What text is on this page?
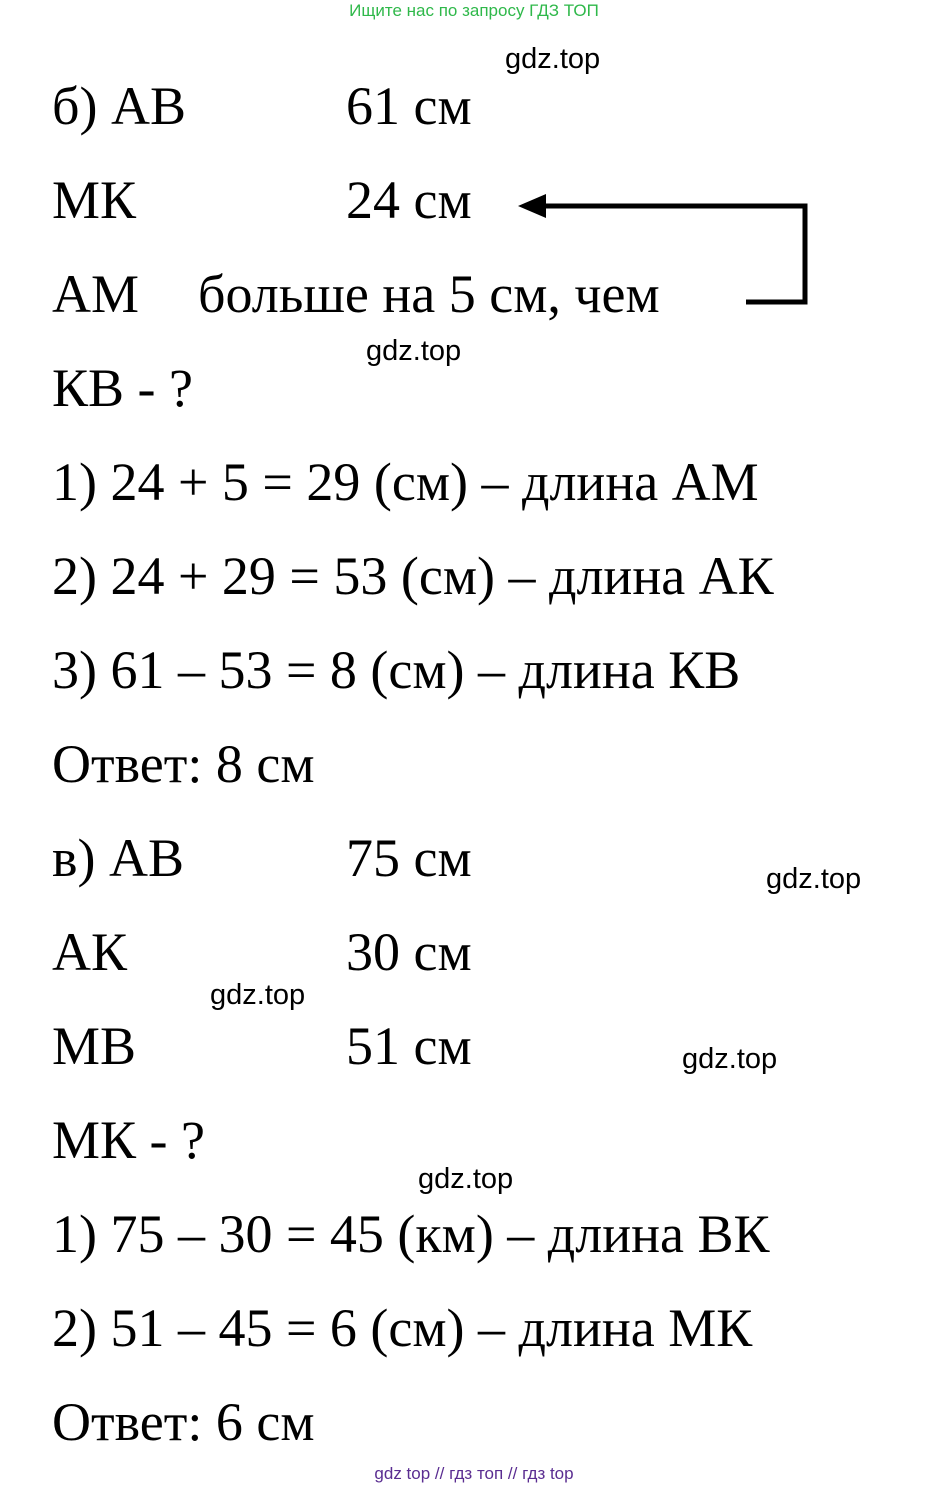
Ищите нас по запросу ГДЗ ТОП
б) АВ	61 см
МК	24 см
АМ больше на 5 см, чем
КВ - ?
1) 24 + 5 = 29 (см) – длина АМ
2) 24 + 29 = 53 (см) – длина АК
3) 61 – 53 = 8 (см) – длина КВ
Ответ: 8 см
в) АВ	75 см
АК	30 см
МВ	51 см
МК - ?
1) 75 – 30 = 45 (км) – длина ВК
2) 51 – 45 = 6 (см) – длина МК
Ответ: 6 см
gdz.top
gdz.top
gdz.top
gdz.top
gdz.top
gdz.top
gdz top // гдз топ // гдз top
